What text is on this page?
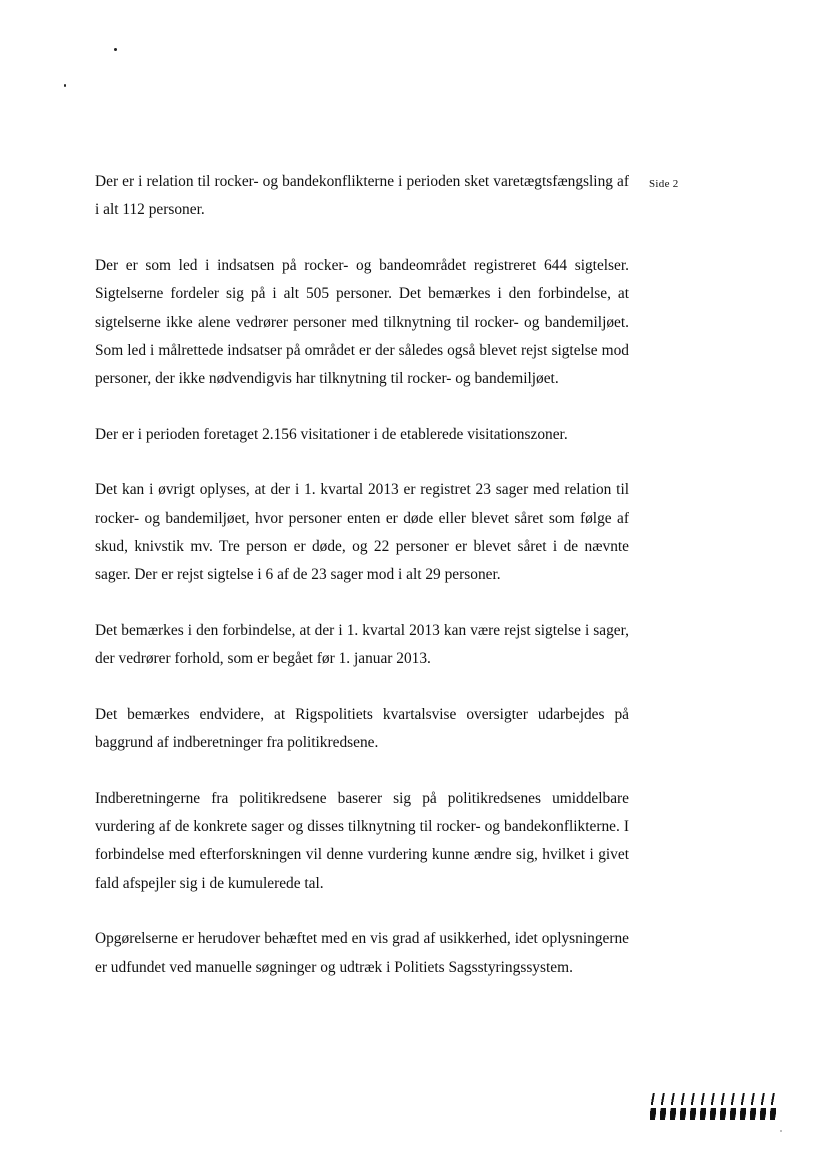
Side 2

Der er i relation til rocker- og bandekonflikterne i perioden sket varetægtsfængsling af i alt 112 personer.

Der er som led i indsatsen på rocker- og bandeområdet registreret 644 sigtelser. Sigtelserne fordeler sig på i alt 505 personer. Det bemærkes i den forbindelse, at sigtelserne ikke alene vedrører personer med tilknytning til rocker- og bandemiljøet. Som led i målrettede indsatser på området er der således også blevet rejst sigtelse mod personer, der ikke nødvendigvis har tilknytning til rocker- og bandemiljøet.

Der er i perioden foretaget 2.156 visitationer i de etablerede visitationszoner.

Det kan i øvrigt oplyses, at der i 1. kvartal 2013 er registret 23 sager med relation til rocker- og bandemiljøet, hvor personer enten er døde eller blevet såret som følge af skud, knivstik mv. Tre person er døde, og 22 personer er blevet såret i de nævnte sager. Der er rejst sigtelse i 6 af de 23 sager mod i alt 29 personer.

Det bemærkes i den forbindelse, at der i 1. kvartal 2013 kan være rejst sigtelse i sager, der vedrører forhold, som er begået før 1. januar 2013.

Det bemærkes endvidere, at Rigspolitiets kvartalsvise oversigter udarbejdes på baggrund af indberetninger fra politikredsene.

Indberetningerne fra politikredsene baserer sig på politikredsenes umiddelbare vurdering af de konkrete sager og disses tilknytning til rocker- og bandekonflikterne. I forbindelse med efterforskningen vil denne vurdering kunne ændre sig, hvilket i givet fald afspejler sig i de kumulerede tal.

Opgørelserne er herudover behæftet med en vis grad af usikkerhed, idet oplysningerne er udfundet ved manuelle søgninger og udtræk i Politiets Sagsstyringssystem.
